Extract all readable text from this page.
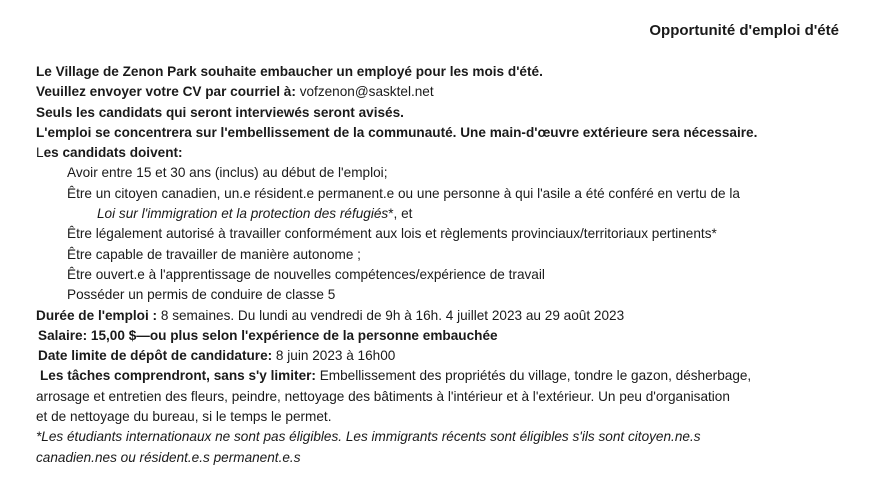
Opportunité d'emploi d'été
Le Village de Zenon Park souhaite embaucher un employé pour les mois d'été.
Veuillez envoyer votre CV par courriel à: vofzenon@sasktel.net
Seuls les candidats qui seront interviewés seront avisés.
L'emploi se concentrera sur l'embellissement de la communauté. Une main-d'œuvre extérieure sera nécessaire.
Les candidats doivent:
Avoir entre 15 et 30 ans (inclus) au début de l'emploi;
Être un citoyen canadien, un.e résident.e permanent.e ou une personne à qui l'asile a été conféré en vertu de la
Loi sur l'immigration et la protection des réfugiés*, et
Être légalement autorisé à travailler conformément aux lois et règlements provinciaux/territoriaux pertinents*
Être capable de travailler de manière autonome ;
Être ouvert.e à l'apprentissage de nouvelles compétences/expérience de travail
Posséder un permis de conduire de classe 5
Durée de l'emploi : 8 semaines. Du lundi au vendredi de 9h à 16h. 4 juillet 2023 au 29 août 2023
Salaire: 15,00 $—ou plus selon l'expérience de la personne embauchée
Date limite de dépôt de candidature: 8 juin 2023 à 16h00
Les tâches comprendront, sans s'y limiter: Embellissement des propriétés du village, tondre le gazon, désherbage,
arrosage et entretien des fleurs, peindre, nettoyage des bâtiments à l'intérieur et à l'extérieur. Un peu d'organisation
et de nettoyage du bureau, si le temps le permet.
*Les étudiants internationaux ne sont pas éligibles. Les immigrants récents sont éligibles s'ils sont citoyen.ne.s
canadien.nes ou résident.e.s permanent.e.s
